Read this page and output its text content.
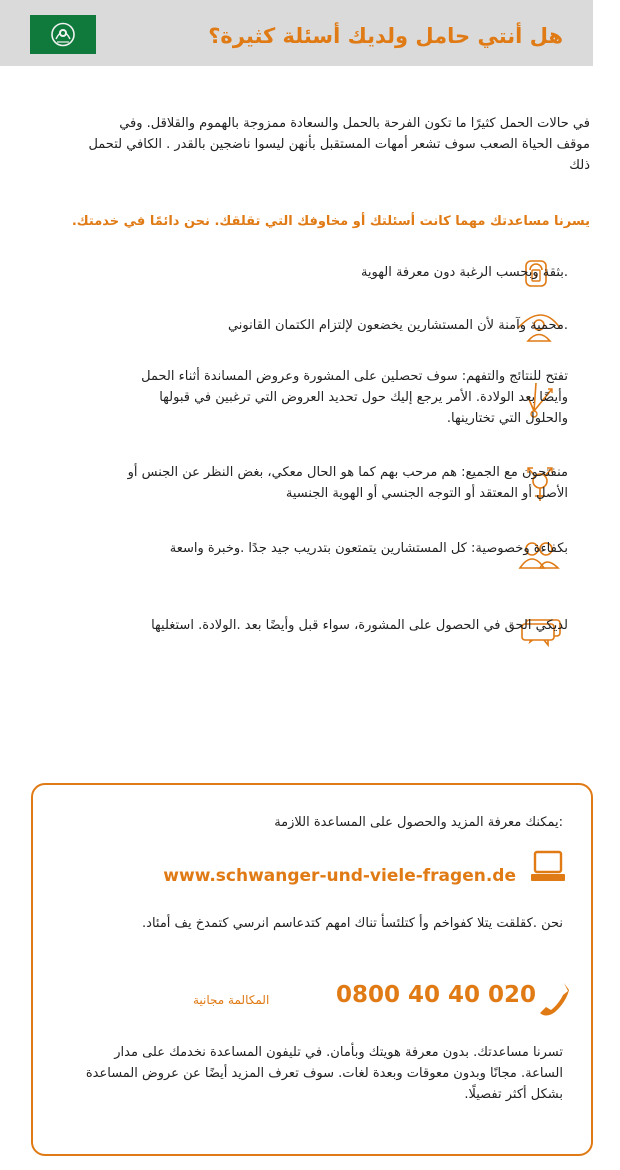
هل أنتي حامل ولديك أسئلة كثيرة؟

في حالات الحمل كثيرًا ما تكون الفرحة بالحمل والسعادة ممزوجة بالهموم والقلاقل. وفي موقف الحياة الصعب سوف تشعر أمهات المستقبل بأنهن ليسوا ناضجين بالقدر . الكافي لتحمل ذلك

يسرنا مساعدتك مهما كانت أسئلتك أو مخاوفك التي تقلقك. نحن دائمًا في خدمتك.

.بثقة وبحسب الرغبة دون معرفة الهوية

.محمية وآمنة لأن المستشارين يخضعون لإلتزام الكتمان القانوني

تفتح للنتائج والتفهم: سوف تحصلين على المشورة وعروض المساندة أثناء الحمل وأيضًا بعد الولادة. الأمر يرجع إليك حول تحديد العروض التي ترغبين في قبولها والحلول التي تختارينها.

منفتحون مع الجميع: هم مرحب بهم كما هو الحال معكي، بغض النظر عن الجنس أو الأصل أو المعتقد أو التوجه الجنسي أو الهوية الجنسية

بكفاءة وخصوصية: كل المستشارين يتمتعون بتدريب جيد جدًا .وخبرة واسعة

لديكي الحق في الحصول على المشورة، سواء قبل وأيضًا بعد .الولادة. استغليها

:يمكنك معرفة المزيد والحصول على المساعدة اللازمة

www.schwanger-und-viele-fragen.de

نحن .كقلقت يتلا كفواخم وأ كتلئسأ تناك امهم كتدعاسم انرسي كتمدخ يف أمئاد.

0800 40 40 020
المكالمة مجانية

تسرنا مساعدتك. بدون معرفة هويتك وبأمان. في تليفون المساعدة نخدمك على مدار الساعة. مجانًا وبدون معوقات وبعدة لغات. سوف تعرف المزيد أيضًا عن عروض المساعدة بشكل أكثر تفصيلًا.
